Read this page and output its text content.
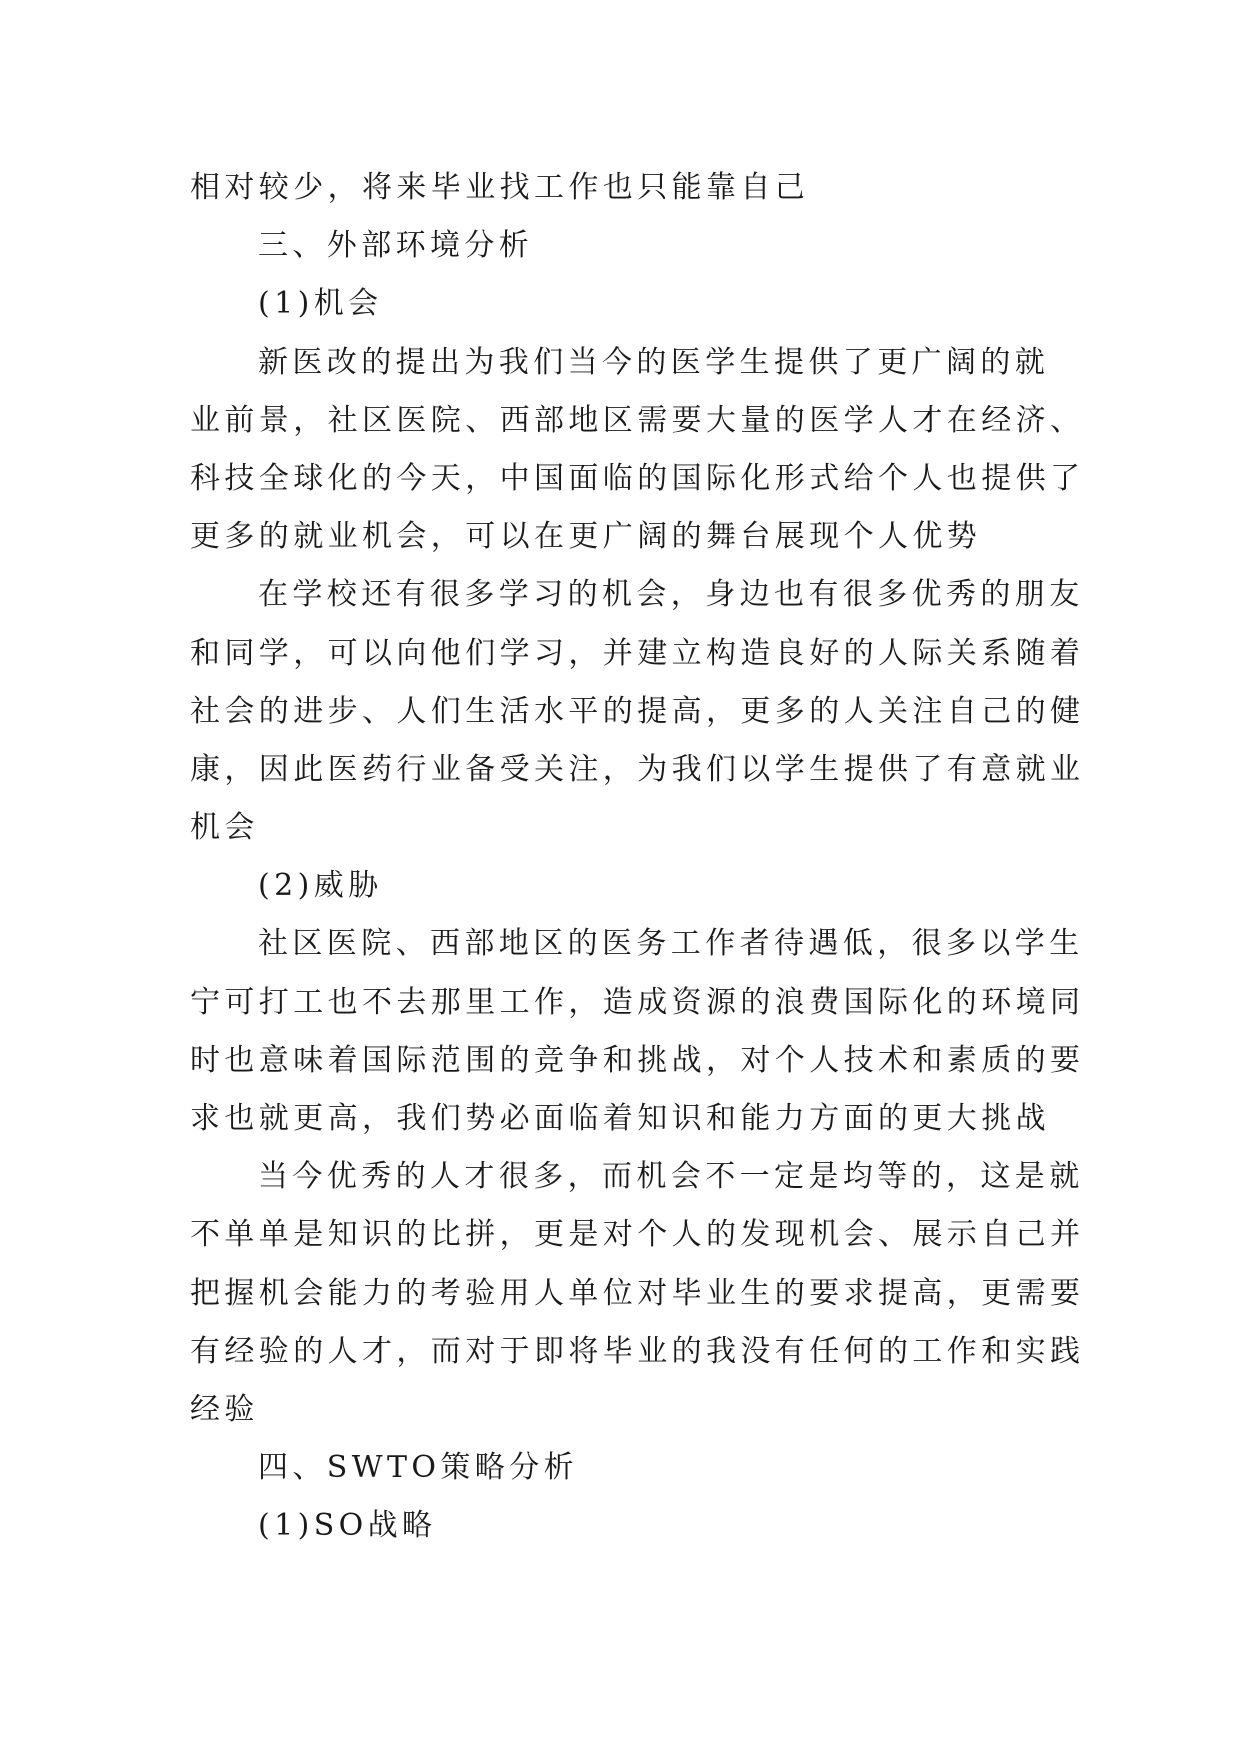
相对较少，将来毕业找工作也只能靠自己
三、外部环境分析
(1)机会
新医改的提出为我们当今的医学生提供了更广阔的就
业前景，社区医院、西部地区需要大量的医学人才在经济、
科技全球化的今天，中国面临的国际化形式给个人也提供了
更多的就业机会，可以在更广阔的舞台展现个人优势
在学校还有很多学习的机会，身边也有很多优秀的朋友
和同学，可以向他们学习，并建立构造良好的人际关系随着
社会的进步、人们生活水平的提高，更多的人关注自己的健
康，因此医药行业备受关注，为我们以学生提供了有意就业
机会
(2)威胁
社区医院、西部地区的医务工作者待遇低，很多以学生
宁可打工也不去那里工作，造成资源的浪费国际化的环境同
时也意味着国际范围的竞争和挑战，对个人技术和素质的要
求也就更高，我们势必面临着知识和能力方面的更大挑战
当今优秀的人才很多，而机会不一定是均等的，这是就
不单单是知识的比拼，更是对个人的发现机会、展示自己并
把握机会能力的考验用人单位对毕业生的要求提高，更需要
有经验的人才，而对于即将毕业的我没有任何的工作和实践
经验
四、SWTO策略分析
(1)SO战略
